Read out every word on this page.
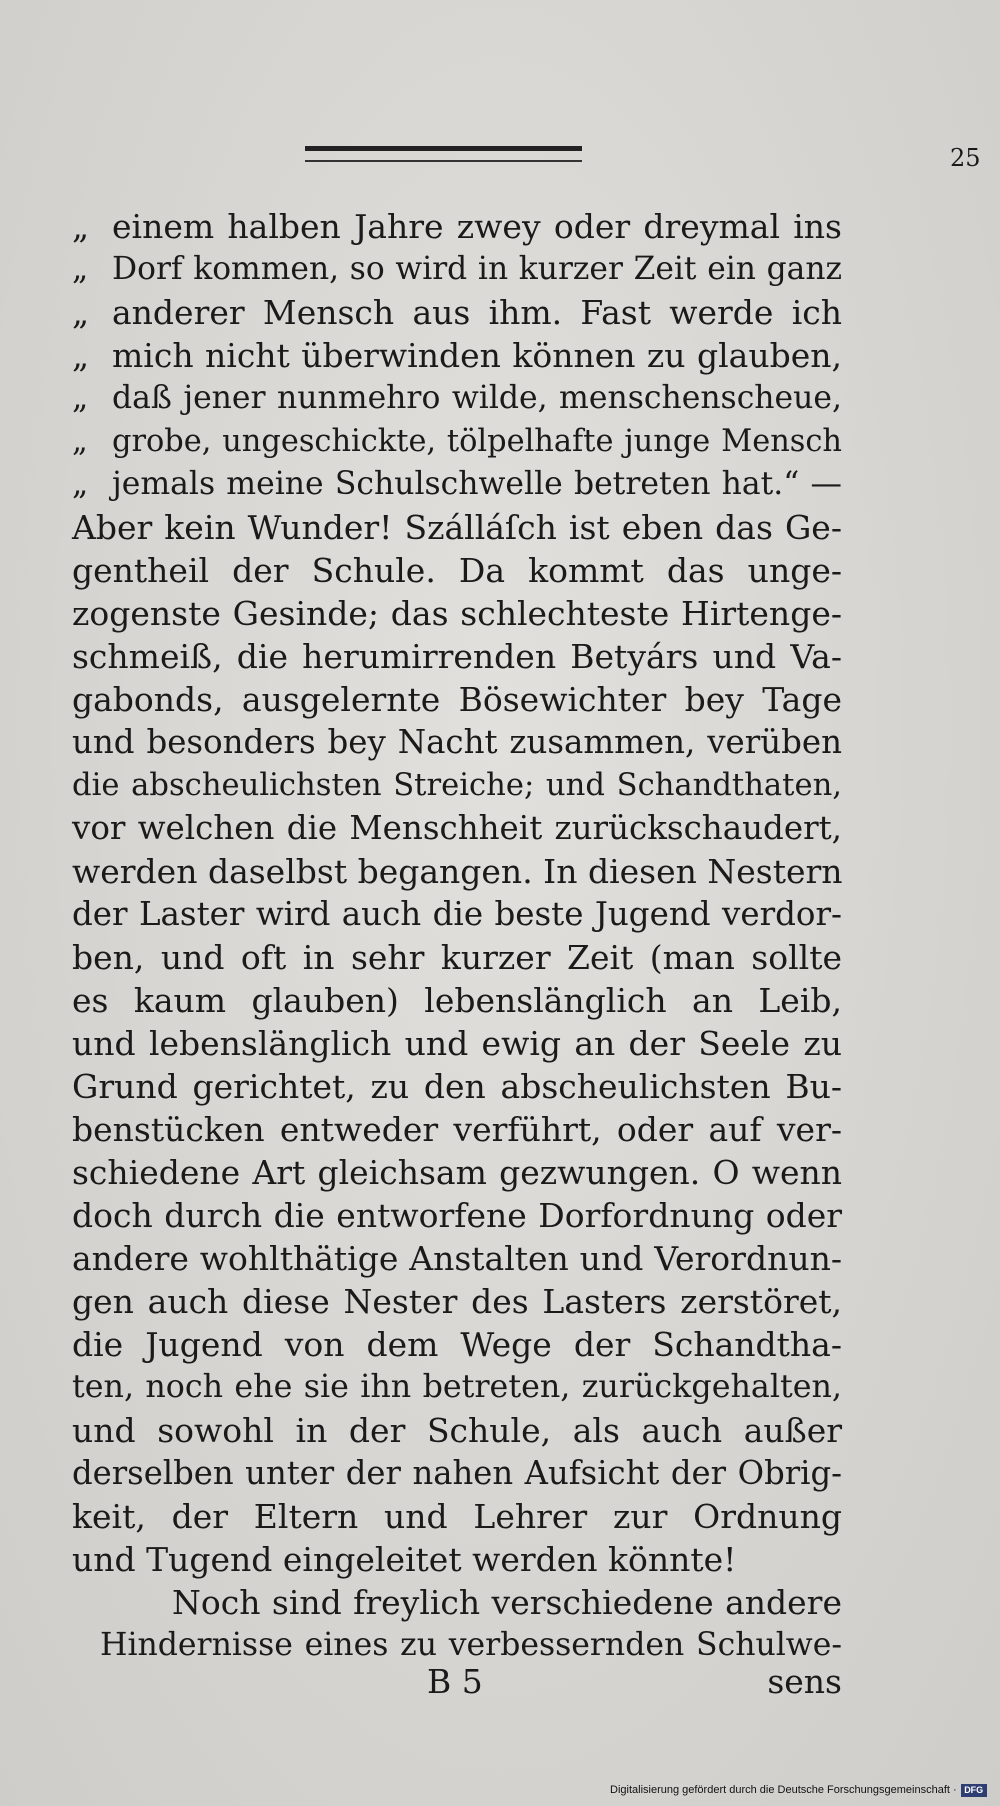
25
„ einem halben Jahre zwey oder dreymal ins
„ Dorf kommen, so wird in kurzer Zeit ein ganz
„ anderer Mensch aus ihm. Fast werde ich
„ mich nicht überwinden können zu glauben,
„ daß jener nunmehro wilde, menschenscheue,
„ grobe, ungeschickte, tölpelhafte junge Mensch
„ jemals meine Schulschwelle betreten hat.“ —
Aber kein Wunder! Szálláſch ist eben das Ge-
gentheil der Schule. Da kommt das unge-
zogenste Gesinde; das schlechteste Hirtenge-
schmeiß, die herumirrenden Betyárs und Va-
gabonds, ausgelernte Bösewichter bey Tage
und besonders bey Nacht zusammen, verüben
die abscheulichsten Streiche; und Schandthaten,
vor welchen die Menschheit zurückschaudert,
werden daselbst begangen. In diesen Nestern
der Laster wird auch die beste Jugend verdor-
ben, und oft in sehr kurzer Zeit (man sollte
es kaum glauben) lebenslänglich an Leib,
und lebenslänglich und ewig an der Seele zu
Grund gerichtet, zu den abscheulichsten Bu-
benstücken entweder verführt, oder auf ver-
schiedene Art gleichsam gezwungen. O wenn
doch durch die entworfene Dorfordnung oder
andere wohlthätige Anstalten und Verordnun-
gen auch diese Nester des Lasters zerstöret,
die Jugend von dem Wege der Schandtha-
ten, noch ehe sie ihn betreten, zurückgehalten,
und sowohl in der Schule, als auch außer
derselben unter der nahen Aufsicht der Obrig-
keit, der Eltern und Lehrer zur Ordnung
und Tugend eingeleitet werden könnte!
Noch sind freylich verschiedene andere
Hindernisse eines zu verbessernden Schulwe-
B 5	sens
Digitalisierung gefördert durch die Deutsche Forschungsgemeinschaft · DFG
